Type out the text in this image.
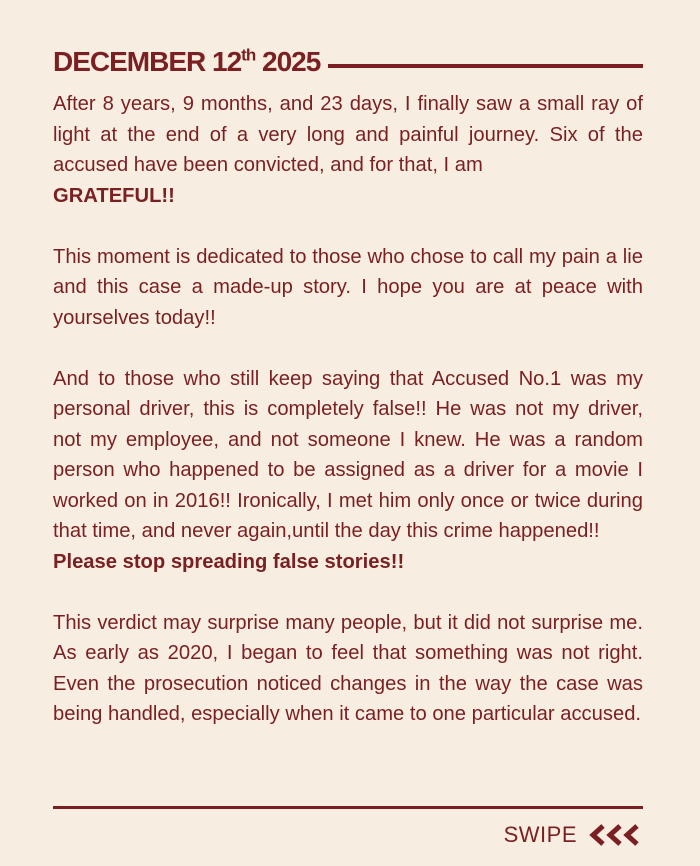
DECEMBER 12th 2025

After 8 years, 9 months, and 23 days, I finally saw a small ray of light at the end of a very long and painful journey. Six of the accused have been convicted, and for that, I am
GRATEFUL!!

This moment is dedicated to those who chose to call my pain a lie and this case a made-up story. I hope you are at peace with yourselves today!!

And to those who still keep saying that Accused No.1 was my personal driver, this is completely false!! He was not my driver, not my employee, and not someone I knew. He was a random person who happened to be assigned as a driver for a movie I worked on in 2016!! Ironically, I met him only once or twice during that time, and never again,until the day this crime happened!!
Please stop spreading false stories!!

This verdict may surprise many people, but it did not surprise me. As early as 2020, I began to feel that something was not right. Even the prosecution noticed changes in the way the case was being handled, especially when it came to one particular accused.

SWIPE
